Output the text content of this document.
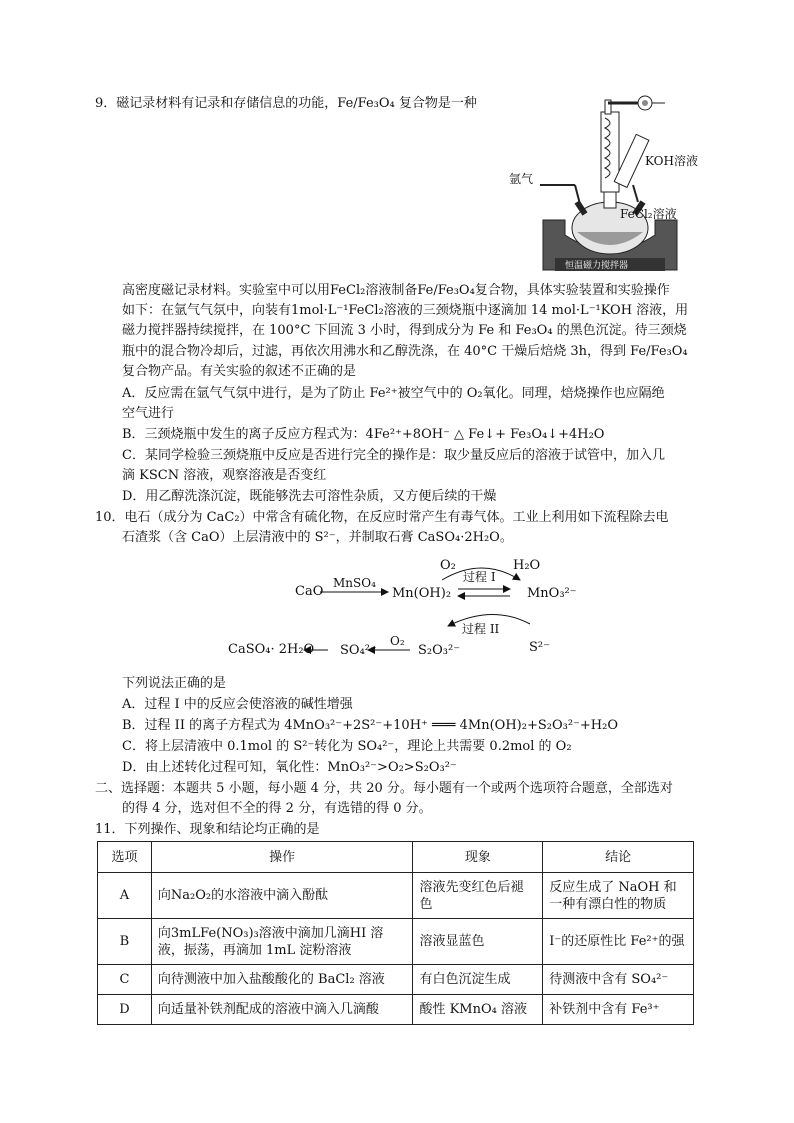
9．磁记录材料有记录和存储信息的功能，Fe/Fe₃O₄ 复合物是一种
氩气
KOH溶液
FeCl₂溶液
恒温磁力搅拌器
高密度磁记录材料。实验室中可以用FeCl₂溶液制备Fe/Fe₃O₄复合物，具体实验装置和实验操作
如下：在氩气气氛中，向装有1mol·L⁻¹FeCl₂溶液的三颈烧瓶中逐滴加 14 mol·L⁻¹KOH 溶液，用
磁力搅拌器持续搅拌，在 100°C 下回流 3 小时，得到成分为 Fe 和 Fe₃O₄ 的黑色沉淀。待三颈烧
瓶中的混合物冷却后，过滤，再依次用沸水和乙醇洗涤，在 40°C 干燥后焙烧 3h，得到 Fe/Fe₃O₄
复合物产品。有关实验的叙述不正确的是
A．反应需在氩气气氛中进行，是为了防止 Fe²⁺被空气中的 O₂氧化。同理，焙烧操作也应隔绝
空气进行
B．三颈烧瓶中发生的离子反应方程式为：4Fe²⁺+8OH⁻ △ Fe↓+ Fe₃O₄↓+4H₂O
C．某同学检验三颈烧瓶中反应是否进行完全的操作是：取少量反应后的溶液于试管中，加入几
滴 KSCN 溶液，观察溶液是否变红
D．用乙醇洗涤沉淀，既能够洗去可溶性杂质，又方便后续的干燥
10．电石（成分为 CaC₂）中常含有硫化物，在反应时常产生有毒气体。工业上利用如下流程除去电
石渣浆（含 CaO）上层清液中的 S²⁻，并制取石膏 CaSO₄·2H₂O。
CaO
MnSO₄
Mn(OH)₂	MnO₃²⁻
O₂
过程 I
H₂O
CaSO₄· 2H₂O SO₄²⁻
O₂
S₂O₃²⁻
过程 II
S²⁻
下列说法正确的是
A．过程 I 中的反应会使溶液的碱性增强
B．过程 II 的离子方程式为 4MnO₃²⁻+2S²⁻+10H⁺ ═══ 4Mn(OH)₂+S₂O₃²⁻+H₂O
C．将上层清液中 0.1mol 的 S²⁻转化为 SO₄²⁻，理论上共需要 0.2mol 的 O₂
D．由上述转化过程可知，氧化性：MnO₃²⁻>O₂>S₂O₃²⁻
二、选择题：本题共 5 小题，每小题 4 分，共 20 分。每小题有一个或两个选项符合题意，全部选对
的得 4 分，选对但不全的得 2 分，有选错的得 0 分。
11．下列操作、现象和结论均正确的是
选项	操作	现象	结论
A	向Na₂O₂的水溶液中滴入酚酞	溶液先变红色后褪色	反应生成了 NaOH 和一种有漂白性的物质
B	向3mLFe(NO₃)₃溶液中滴加几滴HI 溶液，振荡，再滴加 1mL 淀粉溶液	溶液显蓝色	I⁻的还原性比 Fe²⁺的强
C	向待测液中加入盐酸酸化的 BaCl₂ 溶液	有白色沉淀生成	待测液中含有 SO₄²⁻
D	向适量补铁剂配成的溶液中滴入几滴酸	酸性 KMnO₄ 溶液	补铁剂中含有 Fe³⁺
